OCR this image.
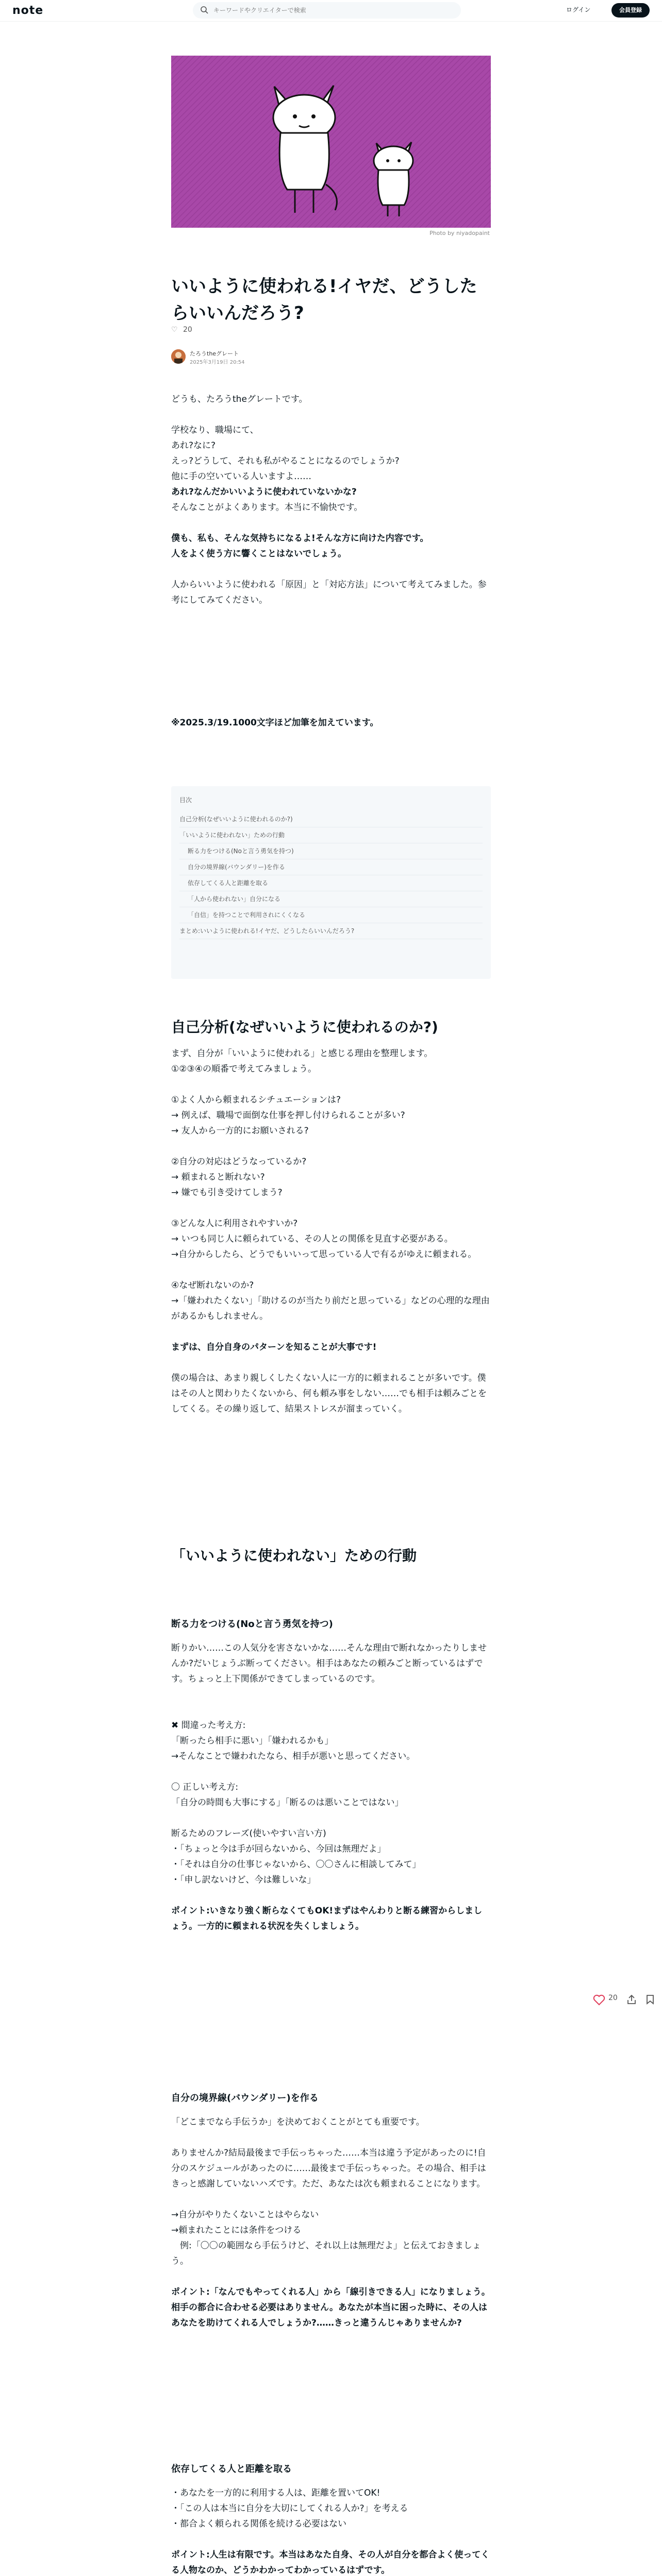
note
キーワードやクリエイターで検索	ログイン	会員登録
Photo by niyadopaint
いいように使われる!イヤだ、どうしたらいいんだろう?
♡ 20
たろうtheグレート
2025年3月19日 20:54
どうも、たろうtheグレートです。
学校なり、職場にて、
あれ?なに?
えっ?どうして、それも私がやることになるのでしょうか?
他に手の空いている人いますよ……
あれ?なんだかいいように使われていないかな?
そんなことがよくあります。本当に不愉快です。
僕も、私も、そんな気持ちになるよ!そんな方に向けた内容です。
人をよく使う方に響くことはないでしょう。
人からいいように使われる「原因」と「対応方法」について考えてみました。参考にしてみてください。
※2025.3/19.1000文字ほど加筆を加えています。
目次
自己分析(なぜいいように使われるのか?)
「いいように使われない」ための行動
断る力をつける(Noと言う勇気を持つ)
自分の境界線(バウンダリー)を作る
依存してくる人と距離を取る
「人から使われない」自分になる
「自信」を持つことで利用されにくくなる
まとめ:いいように使われる!イヤだ、どうしたらいいんだろう?
自己分析(なぜいいように使われるのか?)
まず、自分が「いいように使われる」と感じる理由を整理します。
①②③④の順番で考えてみましょう。
①よく人から頼まれるシチュエーションは?
→ 例えば、職場で面倒な仕事を押し付けられることが多い?
→ 友人から一方的にお願いされる?
②自分の対応はどうなっているか?
→ 頼まれると断れない?
→ 嫌でも引き受けてしまう?
③どんな人に利用されやすいか?
→ いつも同じ人に頼られている、その人との関係を見直す必要がある。
→自分からしたら、どうでもいいって思っている人で有るがゆえに頼まれる。
④なぜ断れないのか?
→「嫌われたくない」「助けるのが当たり前だと思っている」などの心理的な理由があるかもしれません。
まずは、自分自身のパターンを知ることが大事です!
僕の場合は、あまり親しくしたくない人に一方的に頼まれることが多いです。僕はその人と関わりたくないから、何も頼み事をしない……でも相手は頼みごとをしてくる。その繰り返して、結果ストレスが溜まっていく。
「いいように使われない」ための行動
断る力をつける(Noと言う勇気を持つ)
断りかい……この人気分を害さないかな……そんな理由で断れなかったりしませんか?だいじょうぶ断ってください。相手はあなたの頼みごと断っているはずです。ちょっと上下関係ができてしまっているのです。
✖ 間違った考え方:
「断ったら相手に悪い」「嫌われるかも」
→そんなことで嫌われたなら、相手が悪いと思ってください。
〇 正しい考え方:
「自分の時間も大事にする」「断るのは悪いことではない」
断るためのフレーズ(使いやすい言い方)
・「ちょっと今は手が回らないから、今回は無理だよ」
・「それは自分の仕事じゃないから、〇〇さんに相談してみて」
・「申し訳ないけど、今は難しいな」
ポイント:いきなり強く断らなくてもOK!まずはやんわりと断る練習からしましょう。一方的に頼まれる状況を失くしましょう。
自分の境界線(バウンダリー)を作る
「どこまでなら手伝うか」を決めておくことがとても重要です。
ありませんか?結局最後まで手伝っちゃった……本当は違う予定があったのに!自分のスケジュールがあったのに……最後まで手伝っちゃった。その場合、相手はきっと感謝していないハズです。ただ、あなたは次も頼まれることになります。
→自分がやりたくないことはやらない
→頼まれたことには条件をつける
　例:「〇〇の範囲なら手伝うけど、それ以上は無理だよ」と伝えておきましょう。
ポイント:「なんでもやってくれる人」から「線引きできる人」になりましょう。相手の都合に合わせる必要はありません。あなたが本当に困った時に、その人はあなたを助けてくれる人でしょうか?……きっと違うんじゃありませんか?
依存してくる人と距離を取る
・あなたを一方的に利用する人は、距離を置いてOK!
・「この人は本当に自分を大切にしてくれる人か?」を考える
・都合よく頼られる関係を続ける必要はない
ポイント:人生は有限です。本当はあなた自身、その人が自分を都合よく使ってくる人物なのか、どうかわかってわかっているはずです。
20
